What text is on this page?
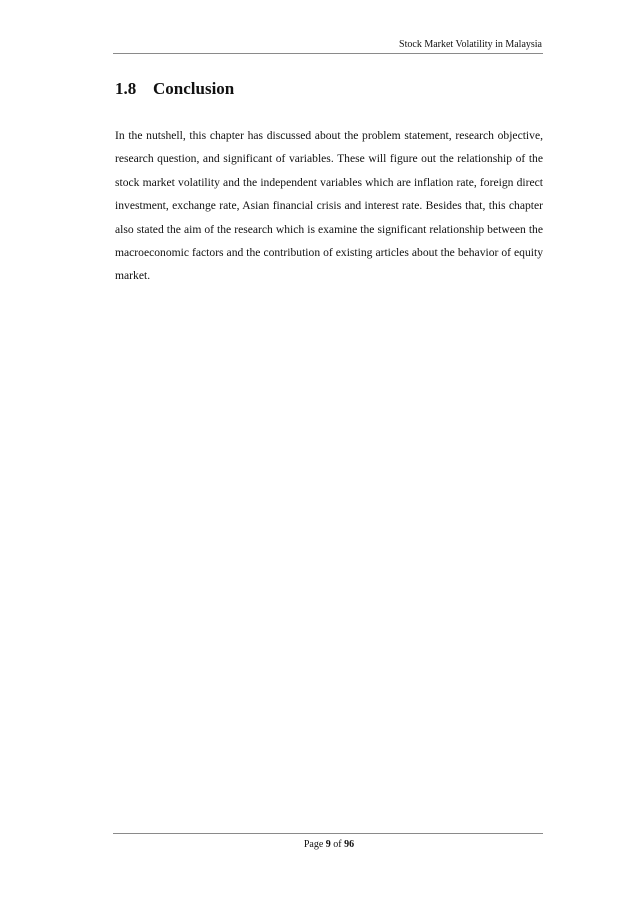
Stock Market Volatility in Malaysia
1.8 Conclusion

In the nutshell, this chapter has discussed about the problem statement, research objective, research question, and significant of variables. These will figure out the relationship of the stock market volatility and the independent variables which are inflation rate, foreign direct investment, exchange rate, Asian financial crisis and interest rate. Besides that, this chapter also stated the aim of the research which is examine the significant relationship between the macroeconomic factors and the contribution of existing articles about the behavior of equity market.

Page 9 of 96
